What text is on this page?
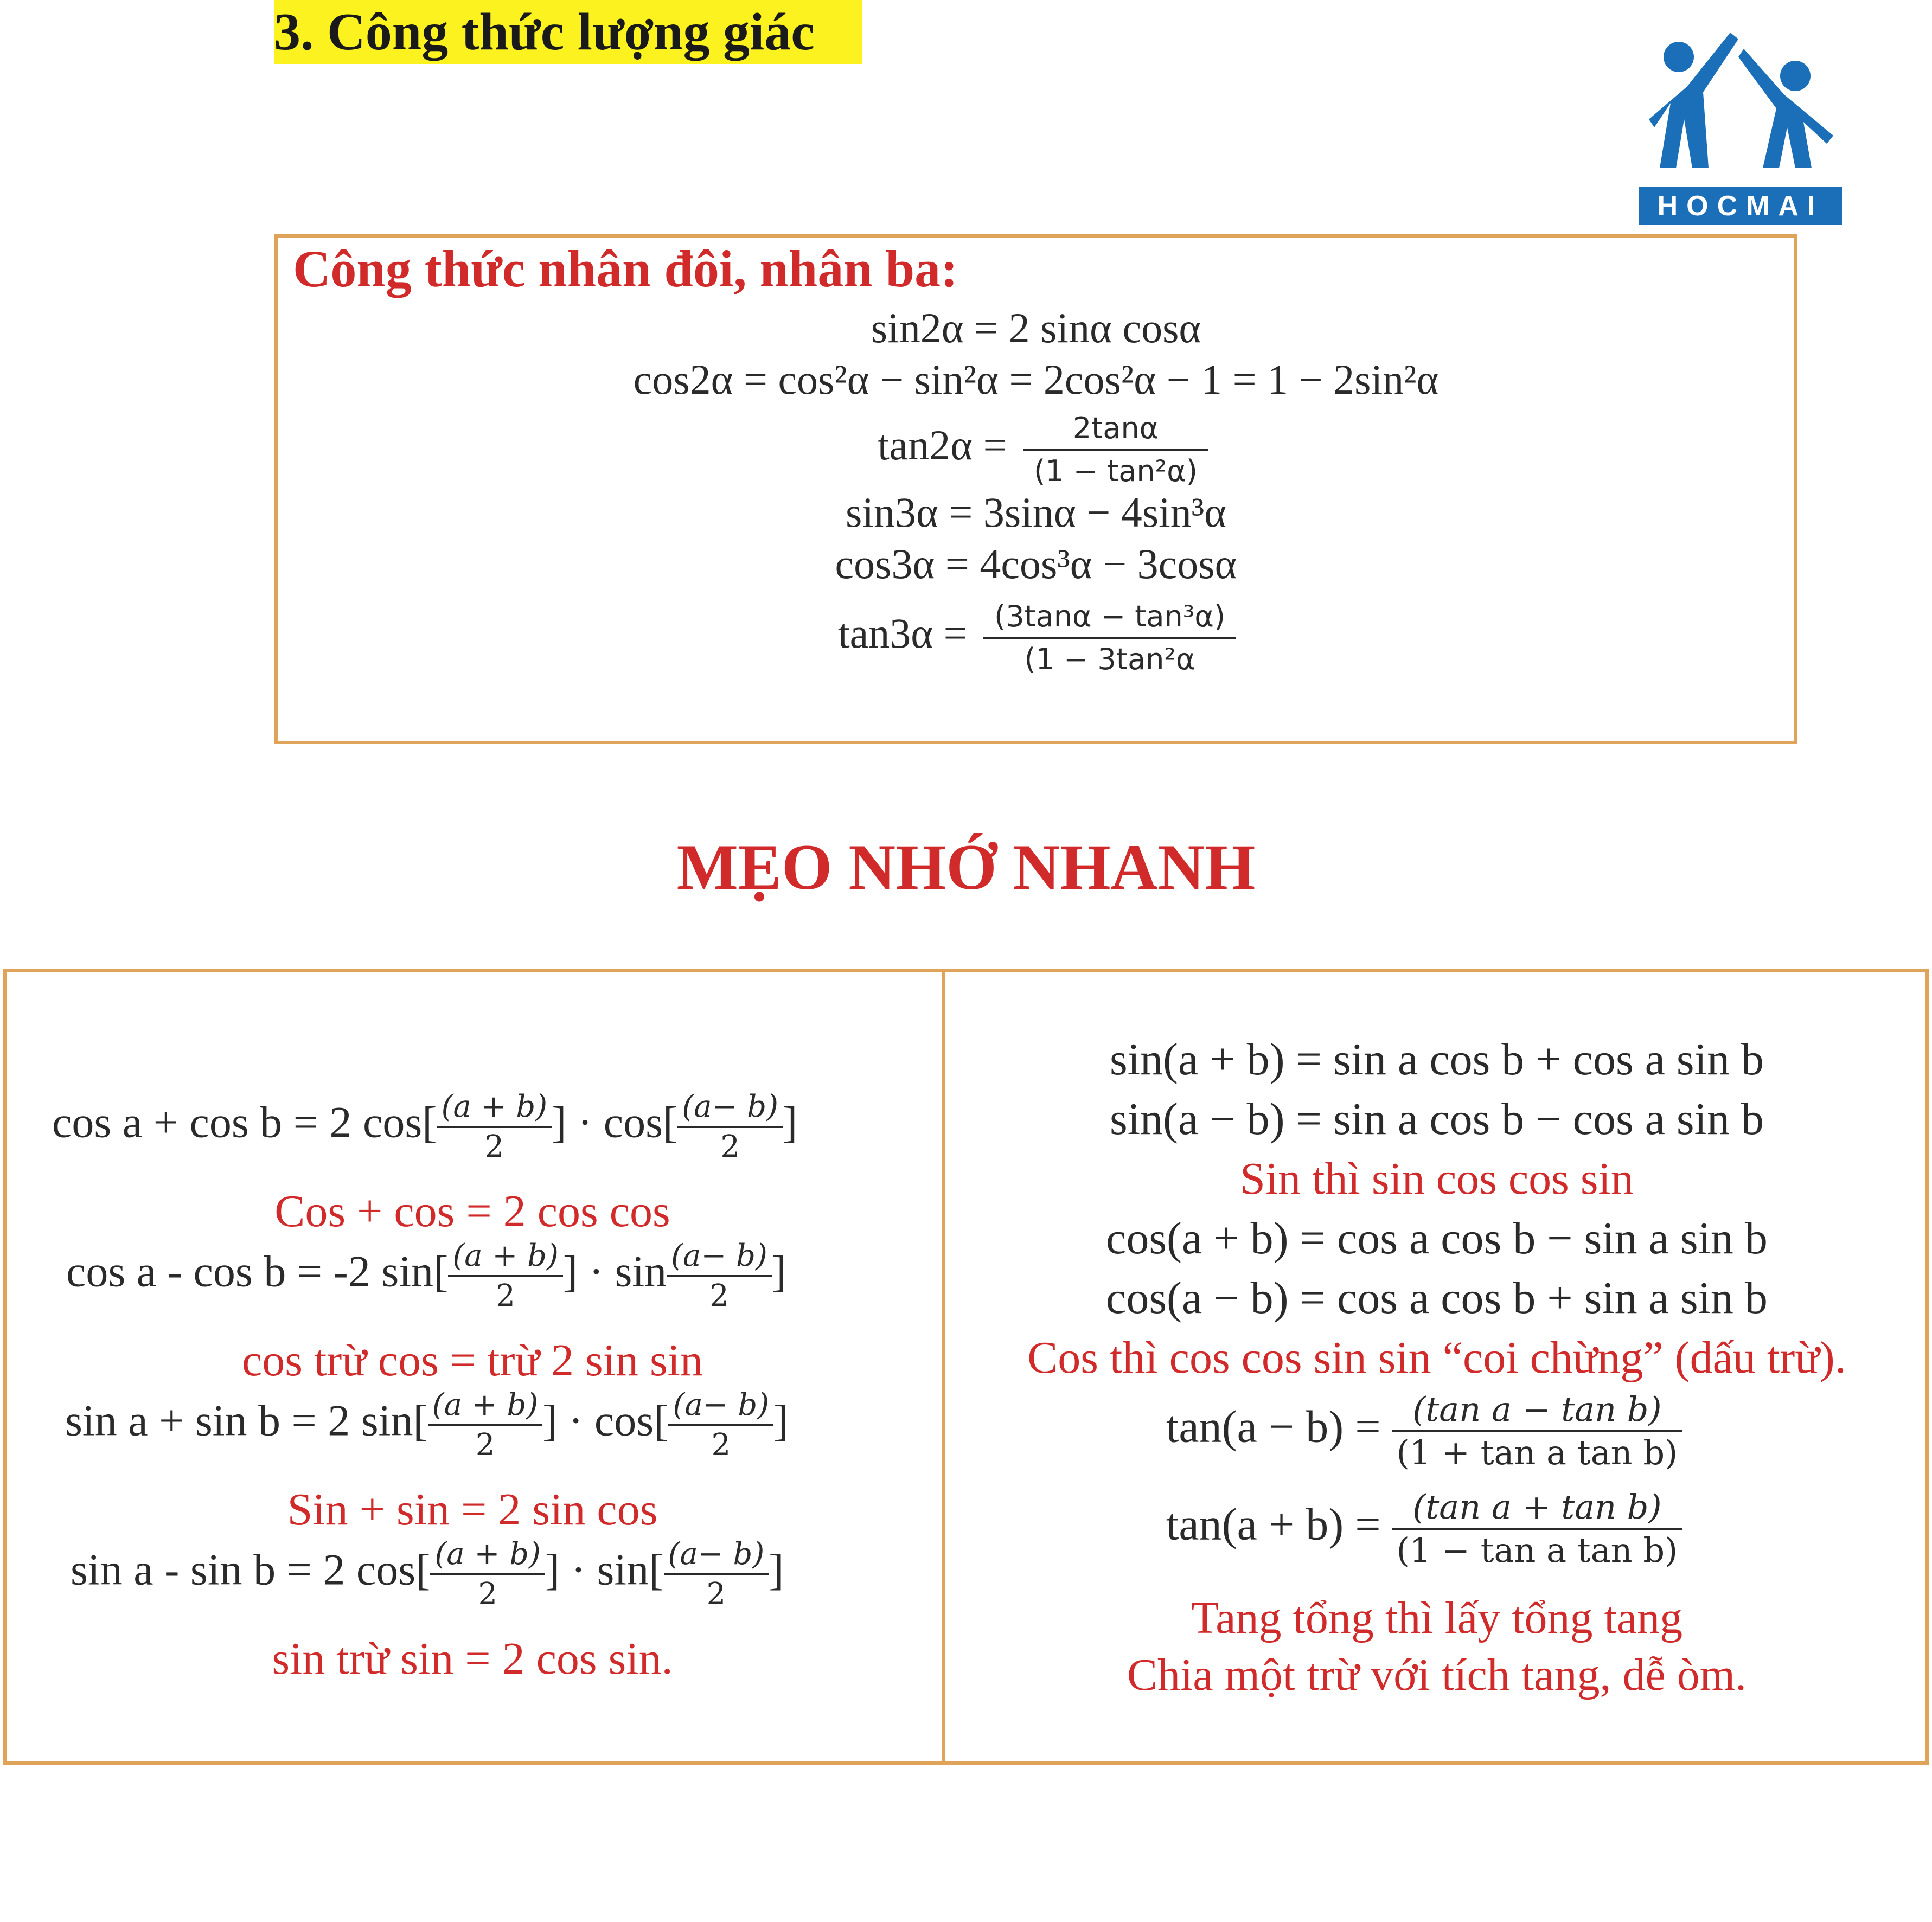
3. Công thức lượng giác
HOCMAI
Công thức nhân đôi, nhân ba:
sin2α = 2 sinα cosα
cos2α = cos²α − sin²α = 2cos²α − 1 = 1 − 2sin²α
$\tan 2\alpha = \frac{2\tan\alpha}{\text{(1 − tan²α)}}$
sin3α = 3sinα − 4sin³α
cos3α = 4cos³α − 3cosα
$\tan 3\alpha = \frac{\text{(3tanα − tan³α)}}{\text{(1 − 3tan²α}}$
MẸO NHỚ NHANH
cos a + cos b = 2 $\cos[ \frac{(a + b)}{2}$ ] · $\cos[ \frac{(a- b)}{2}$ ]
Cos + cos = 2 cos cos
cos a - cos b = -2 $\sin[ \frac{(a + b)}{2}$ ] · $\sin \frac{(a- b)}{2}$ ]
cos trừ cos = trừ 2 sin sin
sin a + sin b = 2 $\sin[ \frac{(a + b)}{2}$ ] · $\cos[ \frac{(a- b)}{2}$ ]
Sin + sin = 2 sin cos
sin a - sin b = 2 $\cos[ \frac{(a + b)}{2}$ ] · $\sin[ \frac{(a- b)}{2}$ ]
sin trừ sin = 2 cos sin.
sin(a + b) = sin a cos b + cos a sin b
sin(a − b) = sin a cos b − cos a sin b
Sin thì sin cos cos sin
cos(a + b) = cos a cos b − sin a sin b
cos(a − b) = cos a cos b + sin a sin b
Cos thì cos cos sin sin “coi chừng” (dấu trừ).
$\tan(a - b) = \frac{\text{(tan a − tan b)}}{\text{(1 + tan a tan b)}}$
$\tan(a + b) = \frac{\text{(tan a + tan b)}}{\text{(1 − tan a tan b)}}$
Tang tổng thì lấy tổng tang
Chia một trừ với tích tang, dễ òm.
